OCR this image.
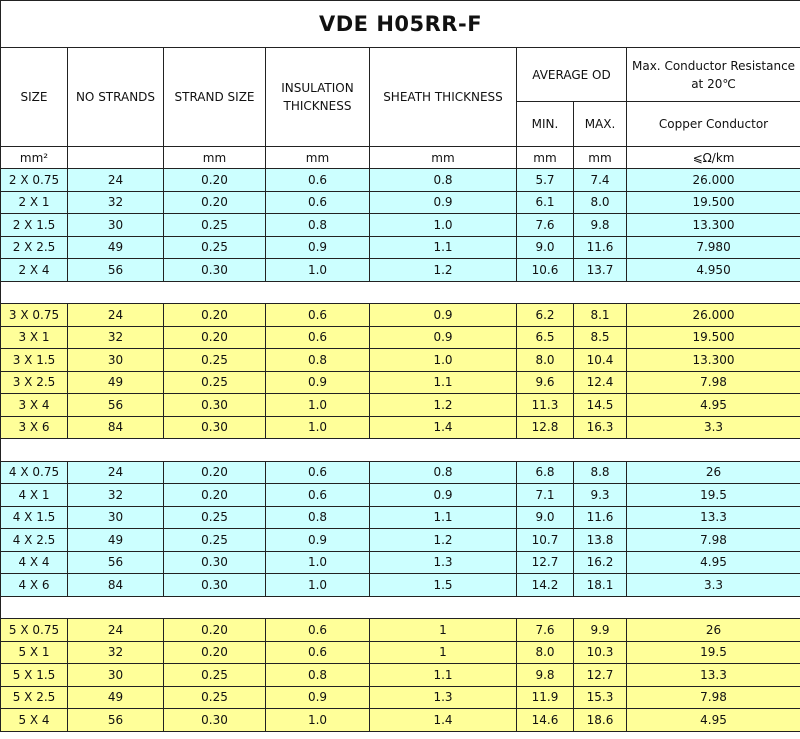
VDE H05RR-F							
SIZE	NO STRANDS	STRAND SIZE	INSULATION THICKNESS	SHEATH THICKNESS	AVERAGE OD		Max. Conductor Resistance at 20℃
					MIN.	MAX.	Copper Conductor
mm²		mm	mm	mm	mm	mm	⩽Ω/km
2 X 0.75	24	0.20	0.6	0.8	5.7	7.4	26.000
2 X 1	32	0.20	0.6	0.9	6.1	8.0	19.500
2 X 1.5	30	0.25	0.8	1.0	7.6	9.8	13.300
2 X 2.5	49	0.25	0.9	1.1	9.0	11.6	7.980
2 X 4	56	0.30	1.0	1.2	10.6	13.7	4.950

3 X 0.75	24	0.20	0.6	0.9	6.2	8.1	26.000
3 X 1	32	0.20	0.6	0.9	6.5	8.5	19.500
3 X 1.5	30	0.25	0.8	1.0	8.0	10.4	13.300
3 X 2.5	49	0.25	0.9	1.1	9.6	12.4	7.98
3 X 4	56	0.30	1.0	1.2	11.3	14.5	4.95
3 X 6	84	0.30	1.0	1.4	12.8	16.3	3.3

4 X 0.75	24	0.20	0.6	0.8	6.8	8.8	26
4 X 1	32	0.20	0.6	0.9	7.1	9.3	19.5
4 X 1.5	30	0.25	0.8	1.1	9.0	11.6	13.3
4 X 2.5	49	0.25	0.9	1.2	10.7	13.8	7.98
4 X 4	56	0.30	1.0	1.3	12.7	16.2	4.95
4 X 6	84	0.30	1.0	1.5	14.2	18.1	3.3

5 X 0.75	24	0.20	0.6	1	7.6	9.9	26
5 X 1	32	0.20	0.6	1	8.0	10.3	19.5
5 X 1.5	30	0.25	0.8	1.1	9.8	12.7	13.3
5 X 2.5	49	0.25	0.9	1.3	11.9	15.3	7.98
5 X 4	56	0.30	1.0	1.4	14.6	18.6	4.95
